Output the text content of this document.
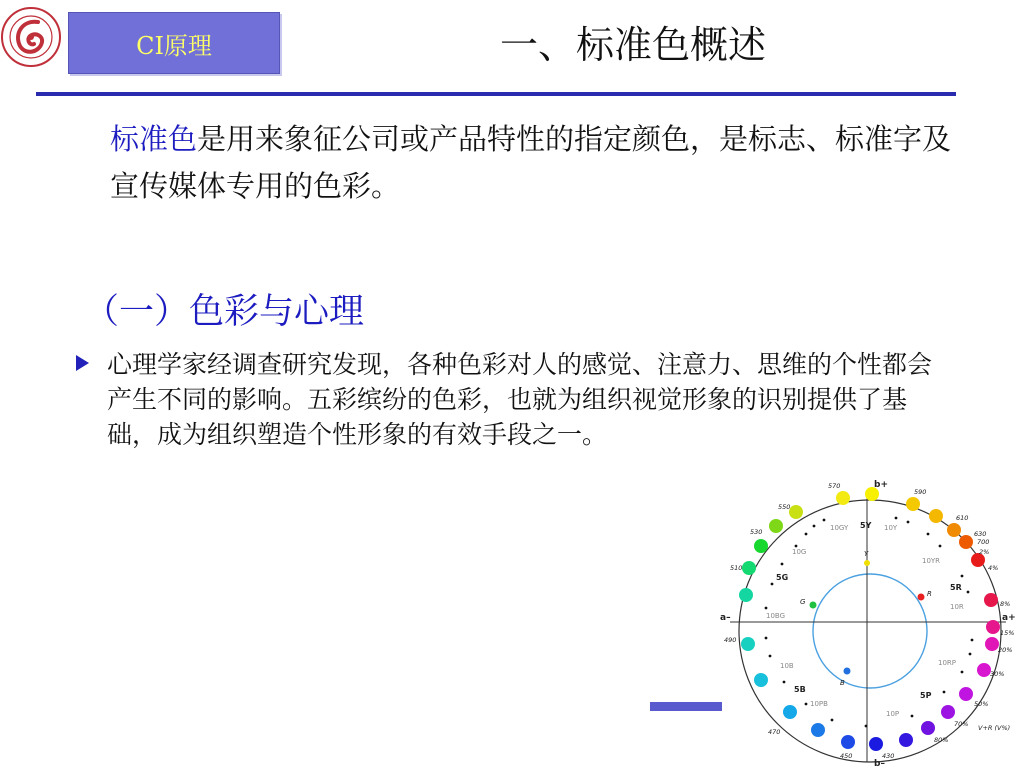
CI原理	一、标准色概述
标准色是用来象征公司或产品特性的指定颜色，是标志、标准字及宣传媒体专用的色彩。
（一）色彩与心理
心理学家经调查研究发现，各种色彩对人的感觉、注意力、思维的个性都会产生不同的影响。五彩缤纷的色彩，也就为组织视觉形象的识别提供了基础，成为组织塑造个性形象的有效手段之一。
b+
b–
a+
a–
5Y
10GY	10Y
10YR
5R
10R
10RP
5P
10P
10PB
5B
10B
10BG
5G
10G	Y
R
G
B
570
590
610
630
700
550
530
510
490
470
450	430
2%
4%
8%
15%
20%
30%
50%
70%
80%
V+R (V%)
